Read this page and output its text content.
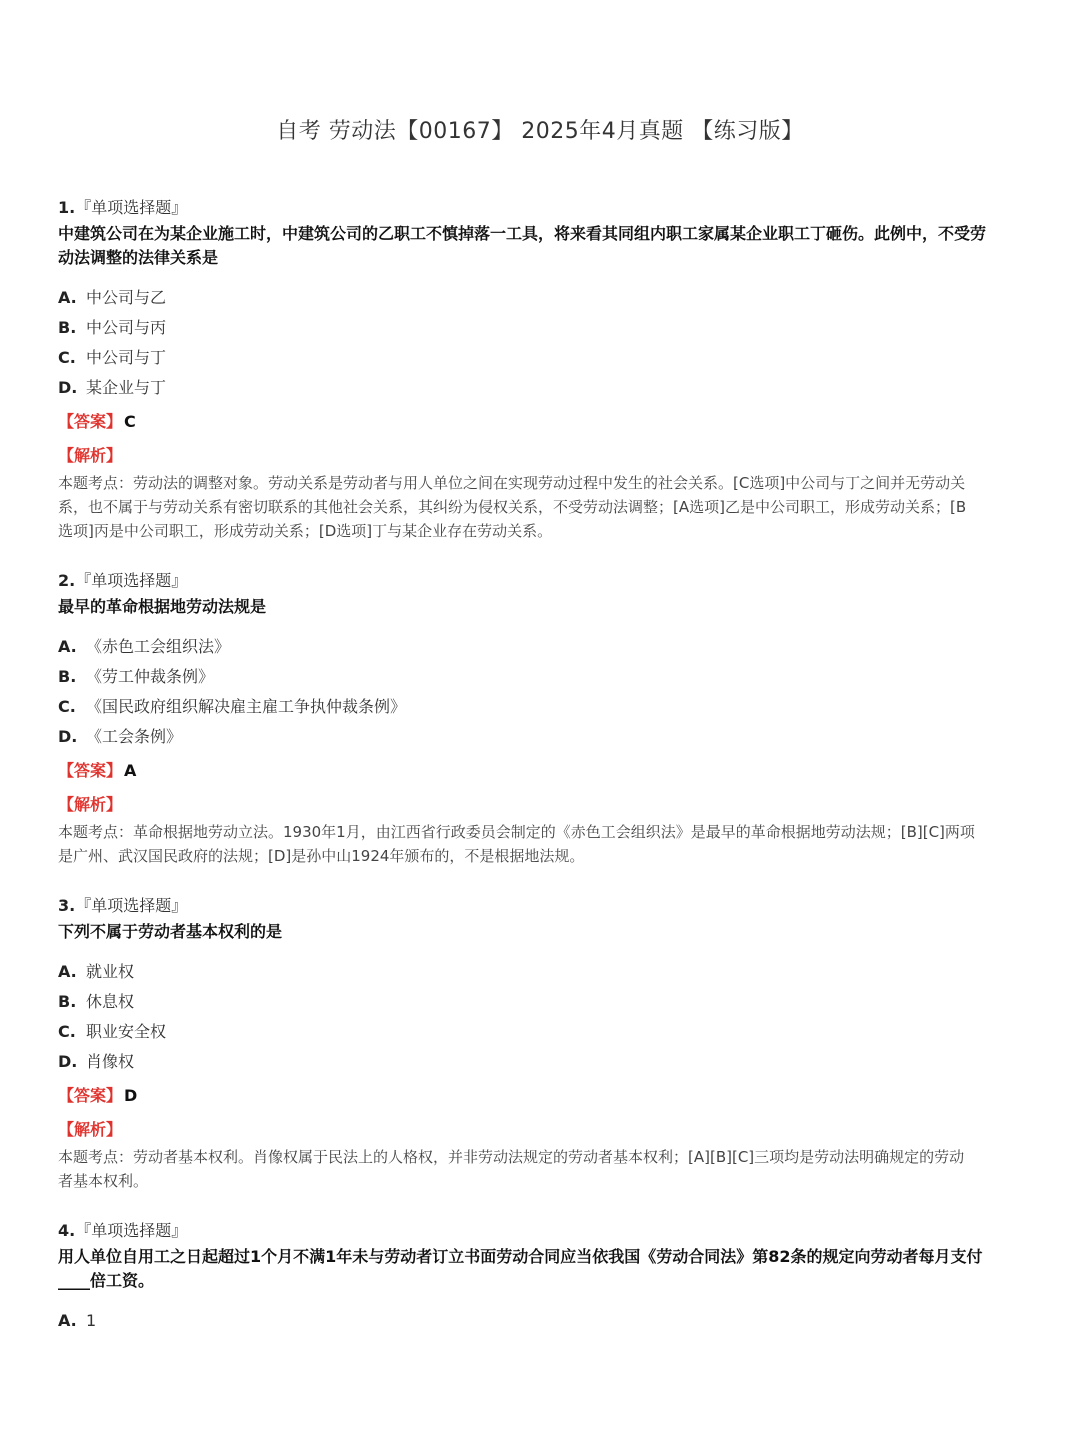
自考 劳动法【00167】 2025年4月真题 【练习版】
1.『单项选择题』
中建筑公司在为某企业施工时，中建筑公司的乙职工不慎掉落一工具，将来看其同组内职工家属某企业职工丁砸伤。此例中，不受劳动法调整的法律关系是
A. 中公司与乙
B. 中公司与丙
C. 中公司与丁
D. 某企业与丁
【答案】 C
【解析】
本题考点：劳动法的调整对象。劳动关系是劳动者与用人单位之间在实现劳动过程中发生的社会关系。[C选项]中公司与丁之间并无劳动关系，也不属于与劳动关系有密切联系的其他社会关系，其纠纷为侵权关系，不受劳动法调整；[A选项]乙是中公司职工，形成劳动关系；[B选项]丙是中公司职工，形成劳动关系；[D选项]丁与某企业存在劳动关系。
2.『单项选择题』
最早的革命根据地劳动法规是
A. 《赤色工会组织法》
B. 《劳工仲裁条例》
C. 《国民政府组织解决雇主雇工争执仲裁条例》
D. 《工会条例》
【答案】 A
【解析】
本题考点：革命根据地劳动立法。1930年1月，由江西省行政委员会制定的《赤色工会组织法》是最早的革命根据地劳动法规；[B][C]两项是广州、武汉国民政府的法规；[D]是孙中山1924年颁布的，不是根据地法规。
3.『单项选择题』
下列不属于劳动者基本权利的是
A. 就业权
B. 休息权
C. 职业安全权
D. 肖像权
【答案】 D
【解析】
本题考点：劳动者基本权利。肖像权属于民法上的人格权，并非劳动法规定的劳动者基本权利；[A][B][C]三项均是劳动法明确规定的劳动者基本权利。
4.『单项选择题』
用人单位自用工之日起超过1个月不满1年未与劳动者订立书面劳动合同应当依我国《劳动合同法》第82条的规定向劳动者每月支付____倍工资。
A. 1
